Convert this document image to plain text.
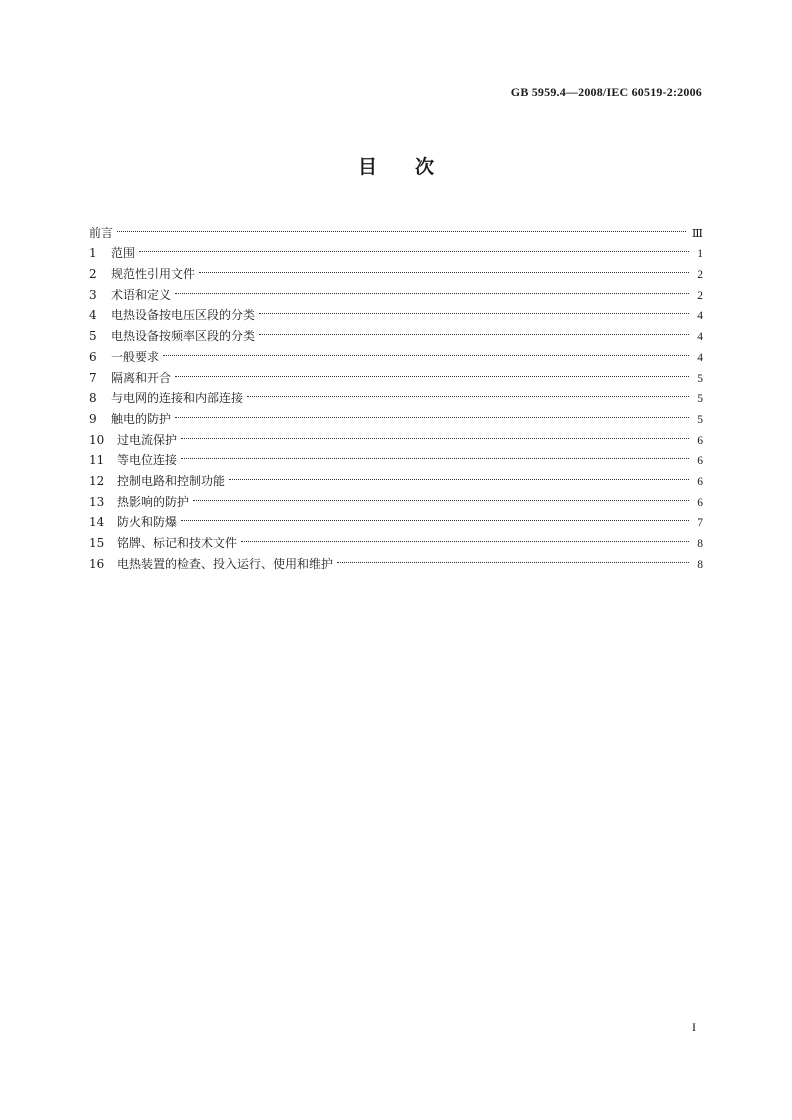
GB 5959.4—2008/IEC 60519-2:2006
目 次
前言	Ⅲ
1	范围	1
2	规范性引用文件	2
3	术语和定义	2
4	电热设备按电压区段的分类	4
5	电热设备按频率区段的分类	4
6	一般要求	4
7	隔离和开合	5
8	与电网的连接和内部连接	5
9	触电的防护	5
10	过电流保护	6
11	等电位连接	6
12	控制电路和控制功能	6
13	热影响的防护	6
14	防火和防爆	7
15	铭牌、标记和技术文件	8
16	电热装置的检查、投入运行、使用和维护	8
I
